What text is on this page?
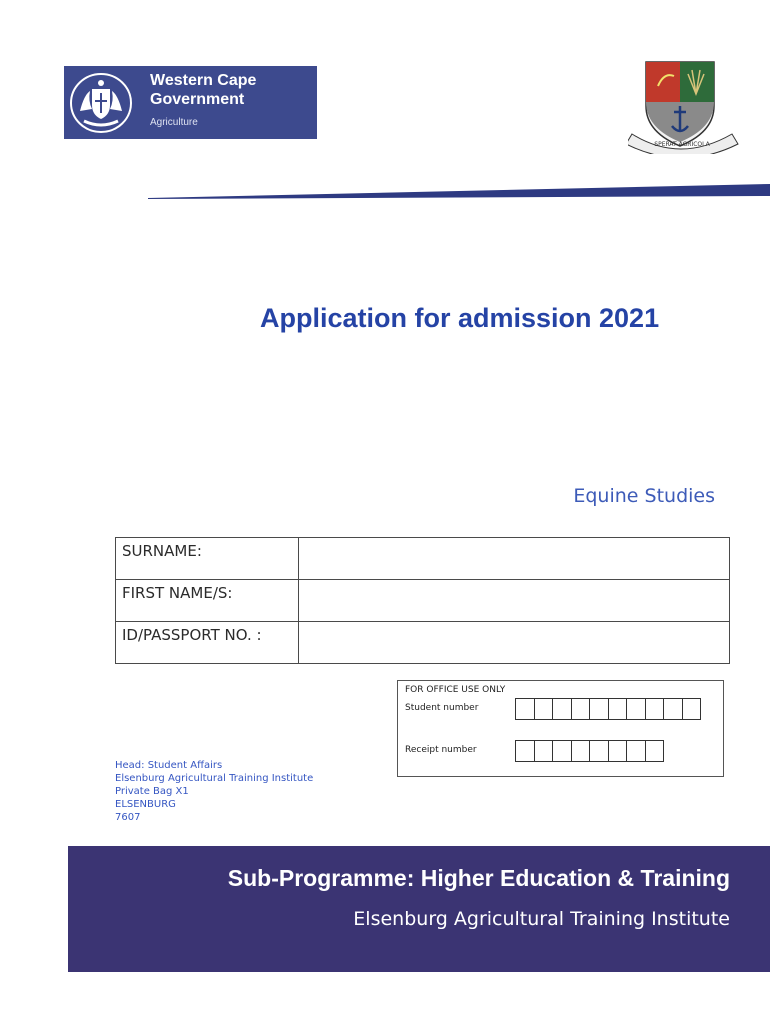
Western Cape
Government
Agriculture
SPERAT AGRICOLA
Application for admission 2021
Equine Studies
SURNAME:	
FIRST NAME/S:	
ID/PASSPORT NO. :	
FOR OFFICE USE ONLY
Student number
Receipt number
Head: Student Affairs
Elsenburg Agricultural Training Institute
Private Bag X1
ELSENBURG
7607
Sub-Programme: Higher Education & Training
Elsenburg Agricultural Training Institute
